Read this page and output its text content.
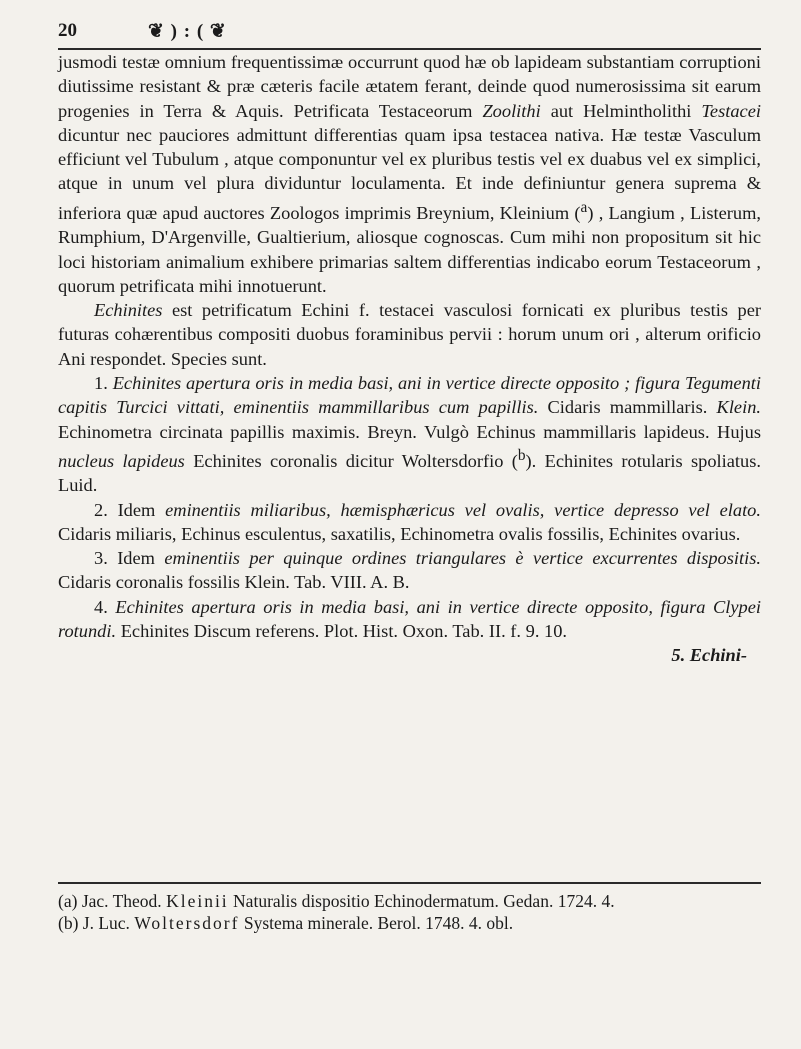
20	❦ ) : ( ❦

jusmodi testæ omnium frequentissimæ occurrunt quod hæ ob lapideam substantiam corruptioni diutissime resistant & præ cæteris facile ætatem ferant, deinde quod numerosissima sit earum progenies in Terra & Aquis. Petrificata Testaceorum Zoolithi aut Helmintholithi Testacei dicuntur nec pauciores admittunt differentias quam ipsa testacea nativa. Hæ testæ Vasculum efficiunt vel Tubulum , atque componuntur vel ex pluribus testis vel ex duabus vel ex simplici, atque in unum vel plura dividuntur loculamenta. Et inde definiuntur genera suprema & inferiora quæ apud auctores Zoologos imprimis Breynium, Kleinium ($^a$) , Langium , Listerum, Rumphium, D'Argenville, Gualtierium, aliosque cognoscas. Cum mihi non propositum sit hic loci historiam animalium exhibere primarias saltem differentias indicabo eorum Testaceorum , quorum petrificata mihi innotuerunt.

Echinites est petrificatum Echini f. testacei vasculosi fornicati ex pluribus testis per futuras cohærentibus compositi duobus foraminibus pervii : horum unum ori , alterum orificio Ani respondet. Species sunt.

1. Echinites apertura oris in media basi, ani in vertice directe opposito ; figura Tegumenti capitis Turcici vittati, eminentiis mammillaribus cum papillis. Cidaris mammillaris. Klein. Echinometra circinata papillis maximis. Breyn. Vulgò Echinus mammillaris lapideus. Hujus nucleus lapideus Echinites coronalis dicitur Woltersdorfio ($^b$). Echinites rotularis spoliatus. Luid.

2. Idem eminentiis miliaribus, hæmisphæricus vel ovalis, vertice depresso vel elato. Cidaris miliaris, Echinus esculentus, saxatilis, Echinometra ovalis fossilis, Echinites ovarius.

3. Idem eminentiis per quinque ordines triangulares è vertice excurrentes dispositis. Cidaris coronalis fossilis Klein. Tab. VIII. A. B.

4. Echinites apertura oris in media basi, ani in vertice directe opposito, figura Clypei rotundi. Echinites Discum referens. Plot. Hist. Oxon. Tab. II. f. 9. 10.

5. Echini-

(a) Jac. Theod. Kleinii Naturalis dispositio Echinodermatum. Gedan. 1724. 4.

(b) J. Luc. Woltersdorf Systema minerale. Berol. 1748. 4. obl.
